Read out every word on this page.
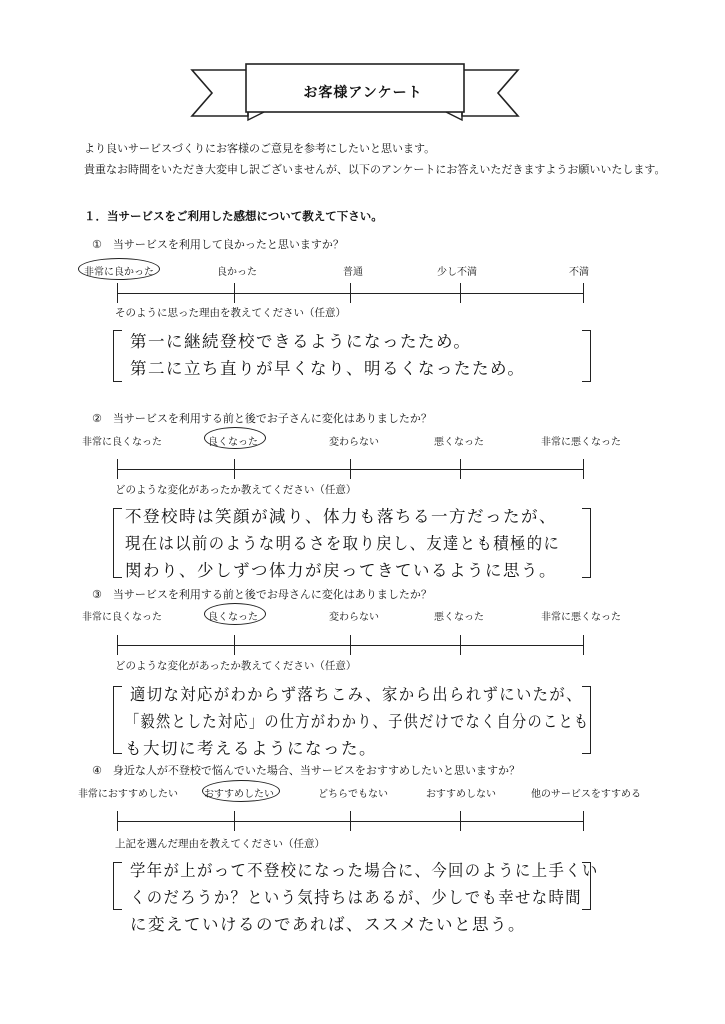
お客様アンケート
より良いサービスづくりにお客様のご意見を参考にしたいと思います。
貴重なお時間をいただき大変申し訳ございませんが、以下のアンケートにお答えいただきますようお願いいたします。
１．当サービスをご利用した感想について教えて下さい。
①　当サービスを利用して良かったと思いますか？
非常に良かった	良かった	普通	少し不満	不満
そのように思った理由を教えてください（任意）
第一に継続登校できるようになったため。
第二に立ち直りが早くなり、明るくなったため。
②　当サービスを利用する前と後でお子さんに変化はありましたか？
非常に良くなった	良くなった	変わらない	悪くなった	非常に悪くなった
どのような変化があったか教えてください（任意）
不登校時は笑顔が減り、体力も落ちる一方だったが、
現在は以前のような明るさを取り戻し、友達とも積極的に
関わり、少しずつ体力が戻ってきているように思う。
③　当サービスを利用する前と後でお母さんに変化はありましたか？
非常に良くなった	良くなった	変わらない	悪くなった	非常に悪くなった
どのような変化があったか教えてください（任意）
適切な対応がわからず落ちこみ、家から出られずにいたが、
「毅然とした対応」の仕方がわかり、子供だけでなく自分のことも
も大切に考えるようになった。
④　身近な人が不登校で悩んでいた場合、当サービスをおすすめしたいと思いますか？
非常におすすめしたい	おすすめしたい	どちらでもない	おすすめしない	他のサービスをすすめる
上記を選んだ理由を教えてください（任意）
学年が上がって不登校になった場合に、今回のように上手くい
くのだろうか？という気持ちはあるが、少しでも幸せな時間
に変えていけるのであれば、ススメたいと思う。
